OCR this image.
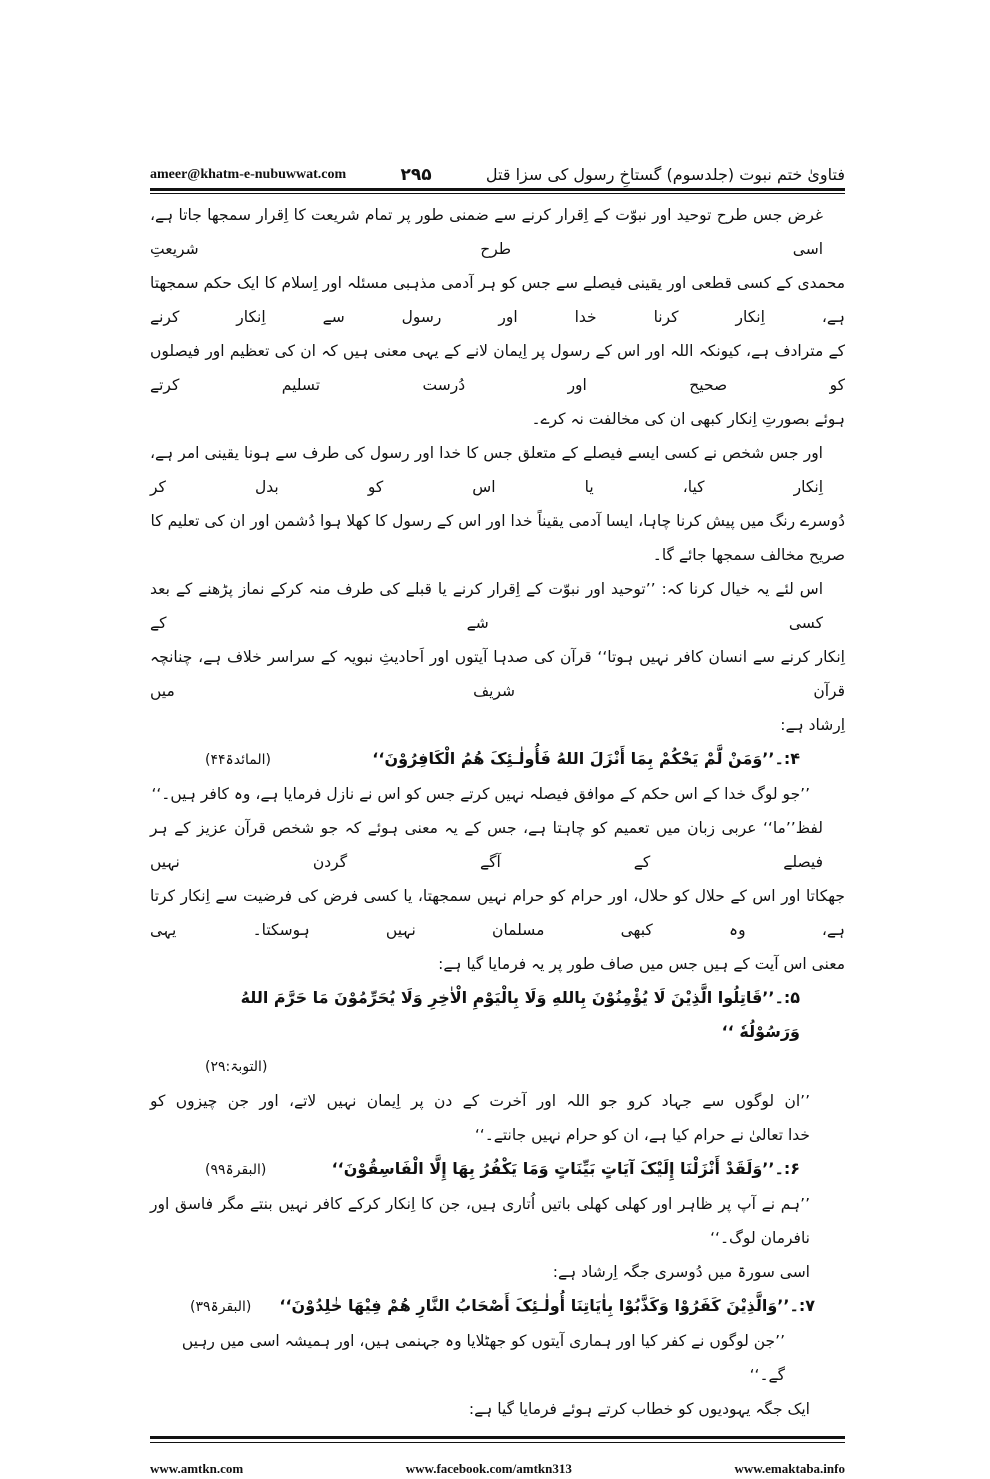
ameer@khatm-e-nubuwwat.com	۲۹۵	فتاویٰ ختم نبوت (جلدسوم) گستاخِ رسول کی سزا قتل
غرض جس طرح توحید اور نبوّت کے اِقرار کرنے سے ضمنی طور پر تمام شریعت کا اِقرار سمجھا جاتا ہے، اسی طرح شریعتِ
محمدی کے کسی قطعی اور یقینی فیصلے سے جس کو ہر آدمی مذہبی مسئلہ اور اِسلام کا ایک حکم سمجھتا ہے، اِنکار کرنا خدا اور رسول سے اِنکار کرنے
کے مترادف ہے، کیونکہ اللہ اور اس کے رسول پر اِیمان لانے کے یہی معنی ہیں کہ ان کی تعظیم اور فیصلوں کو صحیح اور دُرست تسلیم کرتے
ہوئے بصورتِ اِنکار کبھی ان کی مخالفت نہ کرے۔
اور جس شخص نے کسی ایسے فیصلے کے متعلق جس کا خدا اور رسول کی طرف سے ہونا یقینی امر ہے، اِنکار کیا، یا اس کو بدل کر
دُوسرے رنگ میں پیش کرنا چاہا، ایسا آدمی یقیناً خدا اور اس کے رسول کا کھلا ہوا دُشمن اور ان کی تعلیم کا صریح مخالف سمجھا جائے گا۔
اس لئے یہ خیال کرنا کہ: ’’توحید اور نبوّت کے اِقرار کرنے یا قبلے کی طرف منہ کرکے نماز پڑھنے کے بعد کسی شے کے
اِنکار کرنے سے انسان کافر نہیں ہوتا‘‘ قرآن کی صدہا آیتوں اور اَحادیثِ نبویہ کے سراسر خلاف ہے، چنانچہ قرآن شریف میں
اِرشاد ہے:
۴:۔’’وَمَنْ لَّمْ یَحْکُمْ بِمَا أَنْزَلَ اللهُ فَأُولٰـئِکَ هُمُ الْکَافِرُوْنَ‘‘
(المائدۃ۴۴)
’’جو لوگ خدا کے اس حکم کے موافق فیصلہ نہیں کرتے جس کو اس نے نازل فرمایا ہے، وہ کافر ہیں۔‘‘
لفظ’’ما‘‘ عربی زبان میں تعمیم کو چاہتا ہے، جس کے یہ معنی ہوئے کہ جو شخص قرآن عزیز کے ہر فیصلے کے آگے گردن نہیں
جھکاتا اور اس کے حلال کو حلال، اور حرام کو حرام نہیں سمجھتا، یا کسی فرض کی فرضیت سے اِنکار کرتا ہے، وہ کبھی مسلمان نہیں ہوسکتا۔ یہی
معنی اس آیت کے ہیں جس میں صاف طور پر یہ فرمایا گیا ہے:
۵:۔’’قَاتِلُوا الَّذِیْنَ لَا یُؤْمِنُوْنَ بِاللهِ وَلَا بِالْیَوْمِ الْاٰخِرِ وَلَا یُحَرِّمُوْنَ مَا حَرَّمَ اللهُ وَرَسُوْلُهٗ ‘‘
(التوبۃ:۲۹)
’’ان لوگوں سے جہاد کرو جو اللہ اور آخرت کے دن پر اِیمان نہیں لاتے، اور جن چیزوں کو
خدا تعالیٰ نے حرام کیا ہے، ان کو حرام نہیں جانتے۔‘‘
۶:۔’’وَلَقَدْ أَنْزَلْنَا إِلَیْکَ آیَاتٍ بَیِّنَاتٍ وَمَا یَکْفُرُ بِهَا إِلَّا الْفَاسِقُوْنَ‘‘
(البقرۃ۹۹)
’’ہم نے آپ پر ظاہر اور کھلی کھلی باتیں اُتاری ہیں، جن کا اِنکار کرکے کافر نہیں بنتے مگر فاسق اور
نافرمان لوگ۔‘‘
اسی سورۃ میں دُوسری جگہ اِرشاد ہے:
۷:۔’’وَالَّذِیْنَ کَفَرُوْا وَکَذَّبُوْا بِاٰیَاتِنَا أُولٰـئِکَ أَصْحَابُ النَّارِ هُمْ فِیْهَا خٰلِدُوْنَ‘‘
(البقرۃ۳۹)
’’جن لوگوں نے کفر کیا اور ہماری آیتوں کو جھٹلایا وہ جہنمی ہیں، اور ہمیشہ اسی میں رہیں گے۔‘‘
ایک جگہ یہودیوں کو خطاب کرتے ہوئے فرمایا گیا ہے:
www.amtkn.com	www.facebook.com/amtkn313	www.emaktaba.info
